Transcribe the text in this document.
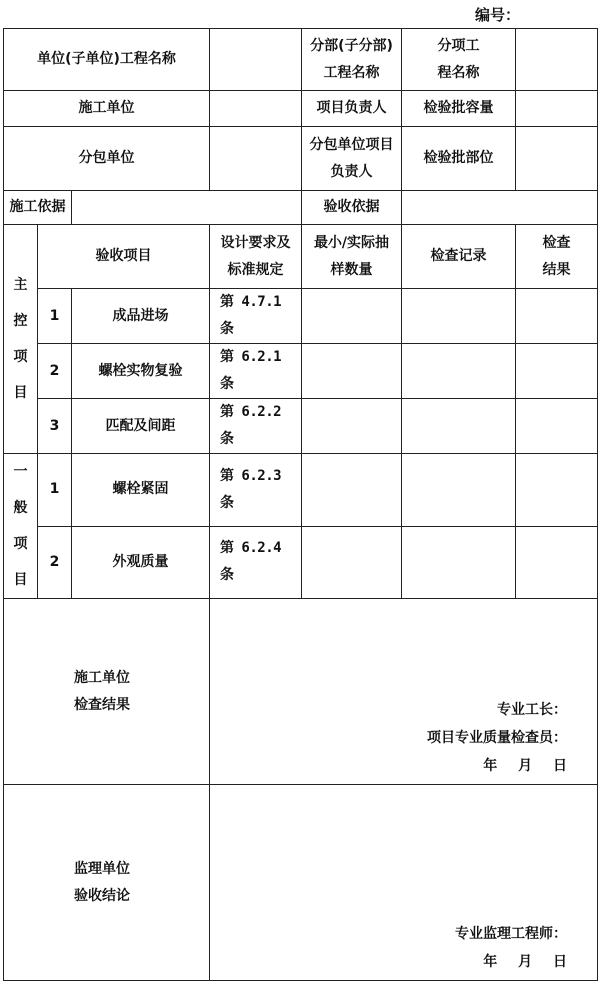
编号：
单位(子单位)工程名称				分部(子分部)工程名称	分项工程名称	
施工单位				项目负责人	检验批容量	
分包单位				分包单位项目负责人	检验批部位	
施工依据				验收依据		
主控项目	验收项目		设计要求及标准规定	最小/实际抽样数量	检查记录	检查结果
	1	成品进场	第 4.7.1 条			
	2	螺栓实物复验	第 6.2.1 条			
	3	匹配及间距	第 6.2.2 条			
一般项目	1	螺栓紧固	第 6.2.3 条			
	2	外观质量	第 6.2.4 条			
施工单位检查结果			专业工长：
项目专业质量检查员：
年 月 日			

监理单位验收结论			专业监理工程师：
年 月 日			
